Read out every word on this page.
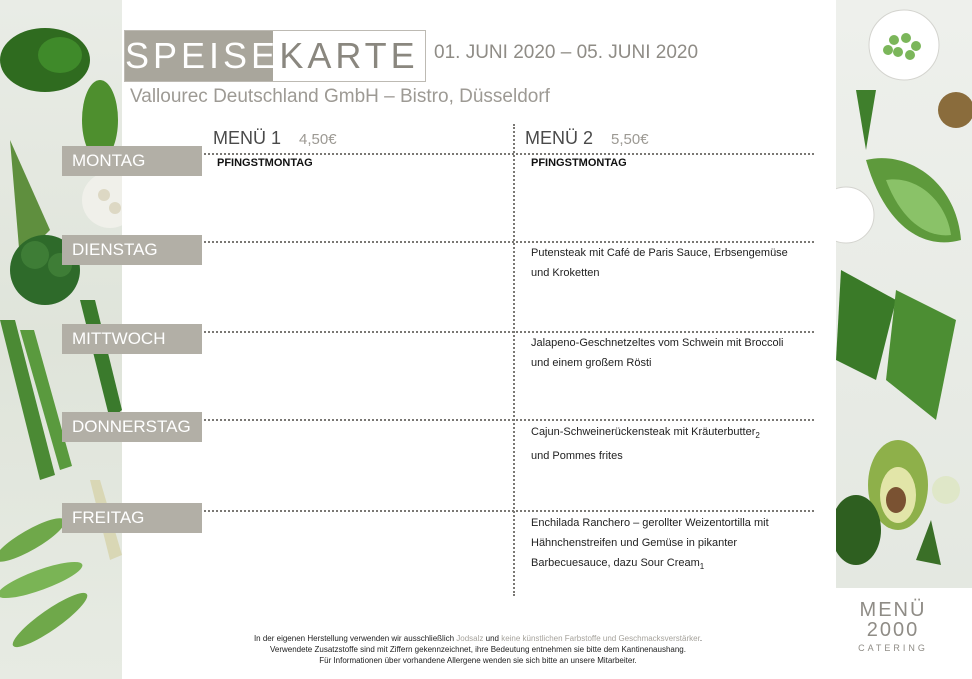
SPEISE KARTE 01. JUNI 2020 – 05. JUNI 2020
Vallourec Deutschland GmbH – Bistro, Düsseldorf
MENÜ 1 4,50€	MENÜ 2 5,50€
MONTAG
DIENSTAG
MITTWOCH
DONNERSTAG
FREITAG
PFINGSTMONTAG	PFINGSTMONTAG
Putensteak mit Café de Paris Sauce, Erbsengemüse
und Kroketten
Jalapeno-Geschnetzeltes vom Schwein mit Broccoli
und einem großem Rösti
Cajun-Schweinerückensteak mit Kräuterbutter$_2$
und Pommes frites
Enchilada Ranchero – gerollter Weizentortilla mit
Hähnchenstreifen und Gemüse in pikanter
Barbecuesauce, dazu Sour Cream$_1$
In der eigenen Herstellung verwenden wir ausschließlich Jodsalz und keine künstlichen Farbstoffe und Geschmacksverstärker.
Verwendete Zusatzstoffe sind mit Ziffern gekennzeichnet, ihre Bedeutung entnehmen sie bitte dem Kantinenaushang.
Für Informationen über vorhandene Allergene wenden sie sich bitte an unsere Mitarbeiter.
MENÜ
2000
CATERING
